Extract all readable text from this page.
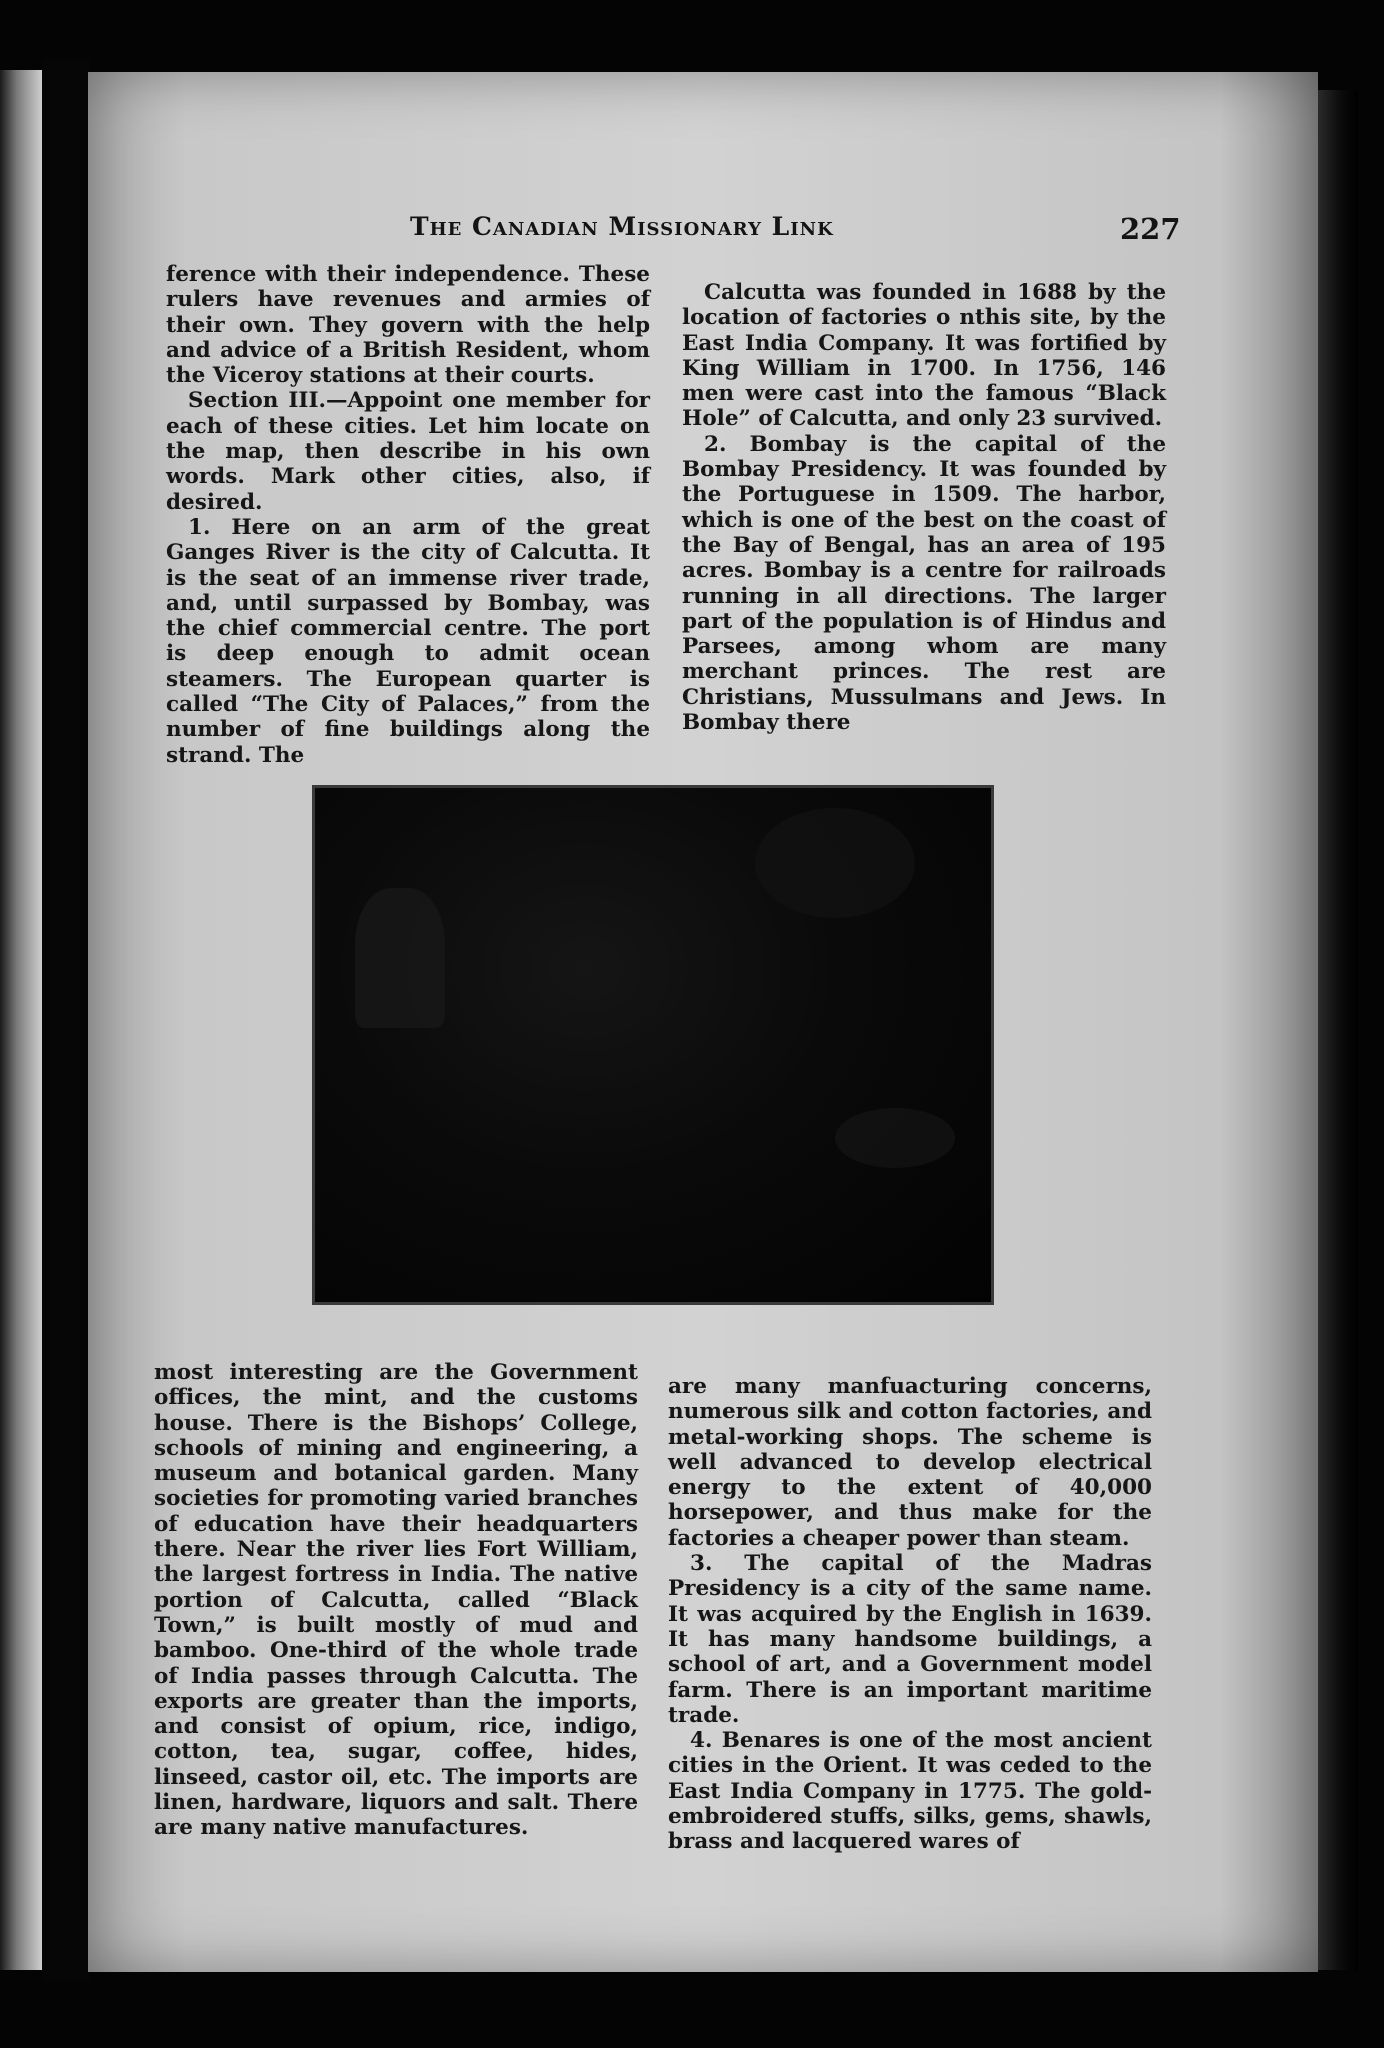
The Canadian Missionary Link	227

ference with their independence. These rulers have revenues and armies of their own. They govern with the help and advice of a British Resident, whom the Viceroy stations at their courts.

Section III.—Appoint one member for each of these cities. Let him locate on the map, then describe in his own words. Mark other cities, also, if desired.

1. Here on an arm of the great Ganges River is the city of Calcutta. It is the seat of an immense river trade, and, until surpassed by Bombay, was the chief commercial centre. The port is deep enough to admit ocean steamers. The European quarter is called “The City of Palaces,” from the number of fine buildings along the strand. The

Calcutta was founded in 1688 by the location of factories o nthis site, by the East India Company. It was fortified by King William in 1700. In 1756, 146 men were cast into the famous “Black Hole” of Calcutta, and only 23 survived.

2. Bombay is the capital of the Bombay Presidency. It was founded by the Portuguese in 1509. The harbor, which is one of the best on the coast of the Bay of Bengal, has an area of 195 acres. Bombay is a centre for railroads running in all directions. The larger part of the population is of Hindus and Parsees, among whom are many merchant princes. The rest are Christians, Mussulmans and Jews. In Bombay there

most interesting are the Government offices, the mint, and the customs house. There is the Bishops’ College, schools of mining and engineering, a museum and botanical garden. Many societies for promoting varied branches of education have their headquarters there. Near the river lies Fort William, the largest fortress in India. The native portion of Calcutta, called “Black Town,” is built mostly of mud and bamboo. One-third of the whole trade of India passes through Calcutta. The exports are greater than the imports, and consist of opium, rice, indigo, cotton, tea, sugar, coffee, hides, linseed, castor oil, etc. The imports are linen, hardware, liquors and salt. There are many native manufactures.

are many manfuacturing concerns, numerous silk and cotton factories, and metal-working shops. The scheme is well advanced to develop electrical energy to the extent of 40,000 horsepower, and thus make for the factories a cheaper power than steam.

3. The capital of the Madras Presidency is a city of the same name. It was acquired by the English in 1639. It has many handsome buildings, a school of art, and a Government model farm. There is an important maritime trade.

4. Benares is one of the most ancient cities in the Orient. It was ceded to the East India Company in 1775. The gold-embroidered stuffs, silks, gems, shawls, brass and lacquered wares of
